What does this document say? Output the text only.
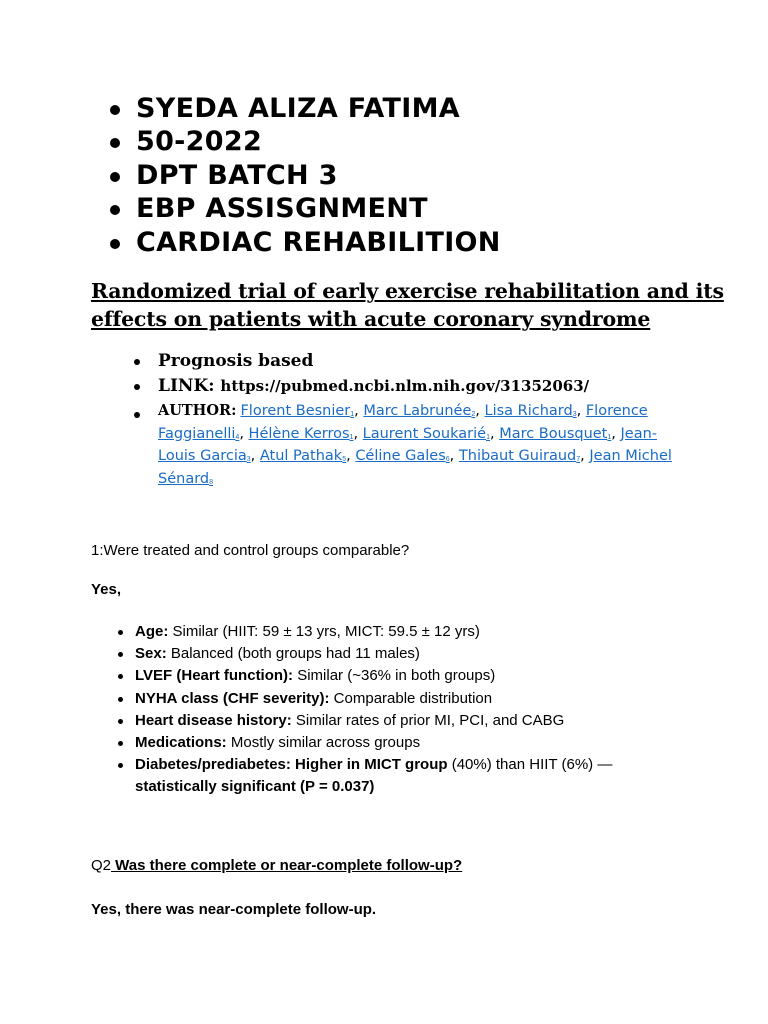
SYEDA ALIZA FATIMA
50-2022
DPT BATCH 3
EBP ASSISGNMENT
CARDIAC REHABILITION
Randomized trial of early exercise rehabilitation and its effects on patients with acute coronary syndrome
Prognosis based
LINK: https://pubmed.ncbi.nlm.nih.gov/31352063/
AUTHOR: Florent Besnier1, Marc Labrunée2, Lisa Richard3, Florence Faggianelli4, Hélène Kerros1, Laurent Soukarié1, Marc Bousquet1, Jean-Louis Garcia3, Atul Pathak5, Céline Gales6, Thibaut Guiraud7, Jean Michel Sénard8
1:Were treated and control groups comparable?
Yes,
Age: Similar (HIIT: 59 ± 13 yrs, MICT: 59.5 ± 12 yrs)
Sex: Balanced (both groups had 11 males)
LVEF (Heart function): Similar (~36% in both groups)
NYHA class (CHF severity): Comparable distribution
Heart disease history: Similar rates of prior MI, PCI, and CABG
Medications: Mostly similar across groups
Diabetes/prediabetes: Higher in MICT group (40%) than HIIT (6%) —
statistically significant (P = 0.037)
Q2 Was there complete or near-complete follow-up?
Yes, there was near-complete follow-up.
